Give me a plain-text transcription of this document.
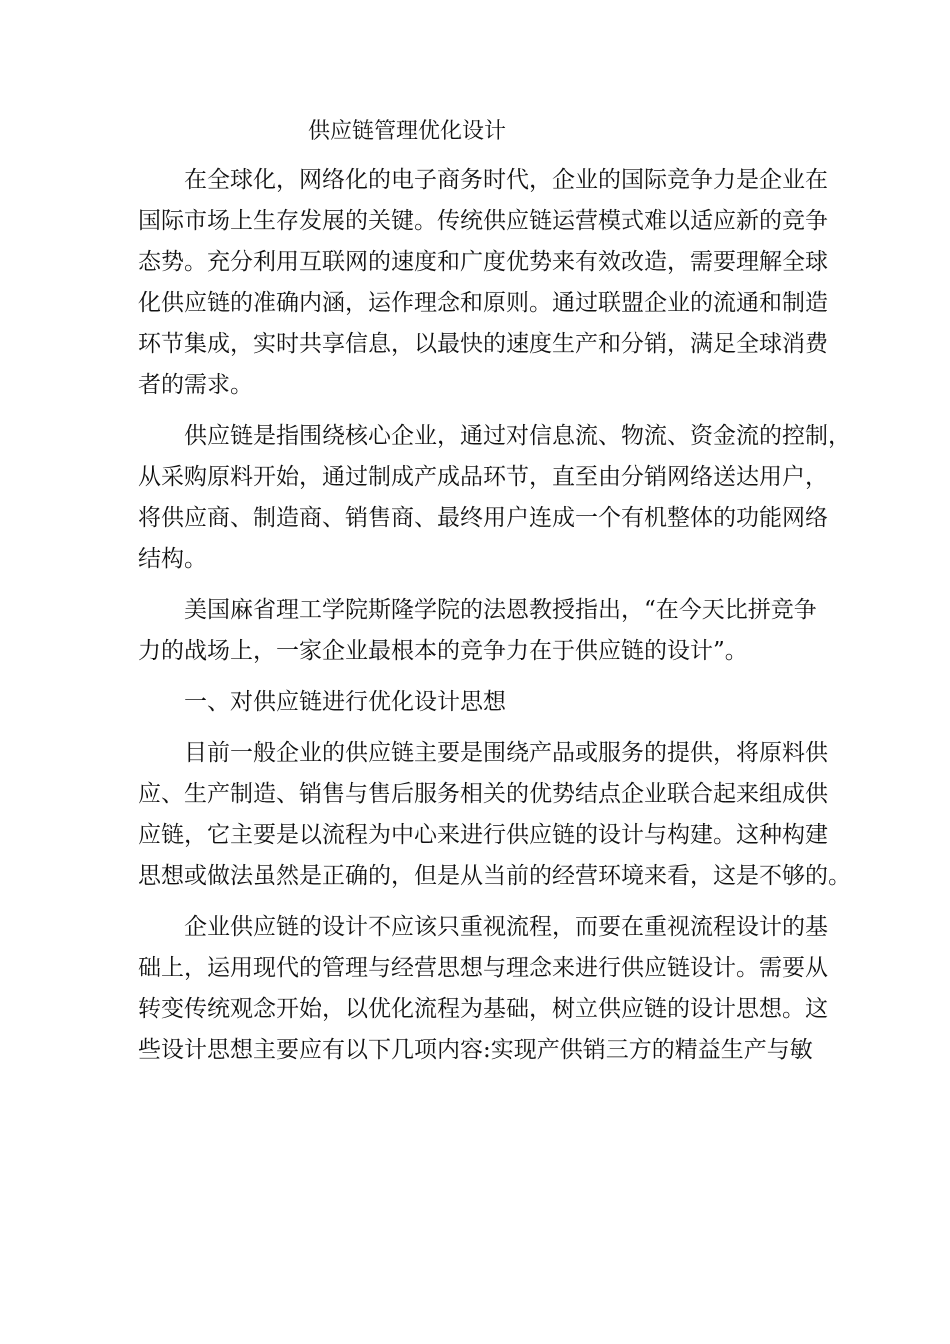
供应链管理优化设计

在全球化，网络化的电子商务时代，企业的国际竞争力是企业在
国际市场上生存发展的关键。传统供应链运营模式难以适应新的竞争
态势。充分利用互联网的速度和广度优势来有效改造，需要理解全球
化供应链的准确内涵，运作理念和原则。通过联盟企业的流通和制造
环节集成，实时共享信息，以最快的速度生产和分销，满足全球消费
者的需求。

供应链是指围绕核心企业，通过对信息流、物流、资金流的控制，
从采购原料开始，通过制成产成品环节，直至由分销网络送达用户，
将供应商、制造商、销售商、最终用户连成一个有机整体的功能网络
结构。

美国麻省理工学院斯隆学院的法恩教授指出，“在今天比拼竞争
力的战场上，一家企业最根本的竞争力在于供应链的设计”。

一、对供应链进行优化设计思想

目前一般企业的供应链主要是围绕产品或服务的提供，将原料供
应、生产制造、销售与售后服务相关的优势结点企业联合起来组成供
应链，它主要是以流程为中心来进行供应链的设计与构建。这种构建
思想或做法虽然是正确的，但是从当前的经营环境来看，这是不够的。

企业供应链的设计不应该只重视流程，而要在重视流程设计的基
础上，运用现代的管理与经营思想与理念来进行供应链设计。需要从
转变传统观念开始，以优化流程为基础，树立供应链的设计思想。这
些设计思想主要应有以下几项内容:实现产供销三方的精益生产与敏
